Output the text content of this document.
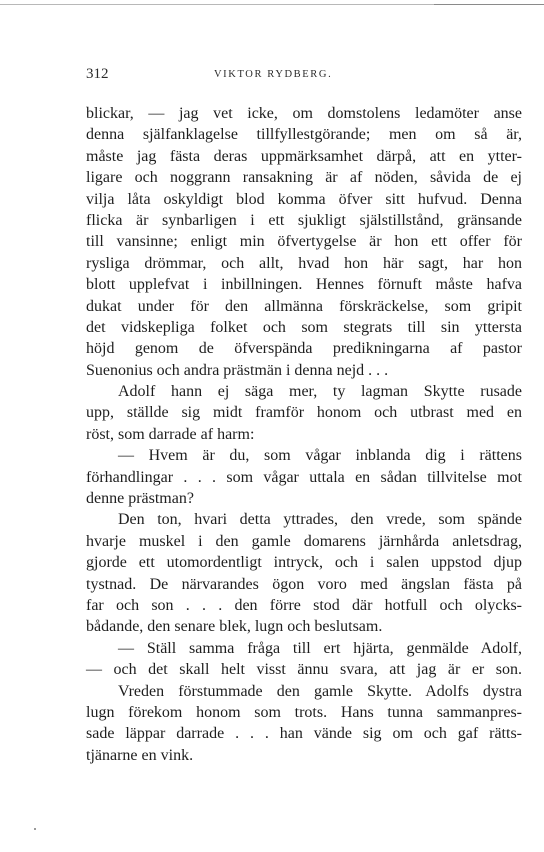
312	VIKTOR RYDBERG.
blickar, — jag vet icke, om domstolens ledamöter anse
denna själfanklagelse tillfyllestgörande; men om så är,
måste jag fästa deras uppmärksamhet därpå, att en ytter-
ligare och noggrann ransakning är af nöden, såvida de ej
vilja låta oskyldigt blod komma öfver sitt hufvud. Denna
flicka är synbarligen i ett sjukligt själstillstånd, gränsande
till vansinne; enligt min öfvertygelse är hon ett offer för
rysliga drömmar, och allt, hvad hon här sagt, har hon
blott upplefvat i inbillningen. Hennes förnuft måste hafva
dukat under för den allmänna förskräckelse, som gripit
det vidskepliga folket och som stegrats till sin yttersta
höjd genom de öfverspända predikningarna af pastor
Suenonius och andra prästmän i denna nejd . . .
Adolf hann ej säga mer, ty lagman Skytte rusade
upp, ställde sig midt framför honom och utbrast med en
röst, som darrade af harm:
— Hvem är du, som vågar inblanda dig i rättens
förhandlingar . . . som vågar uttala en sådan tillvitelse mot
denne prästman?
Den ton, hvari detta yttrades, den vrede, som spände
hvarje muskel i den gamle domarens järnhårda anletsdrag,
gjorde ett utomordentligt intryck, och i salen uppstod djup
tystnad. De närvarandes ögon voro med ängslan fästa på
far och son . . . den förre stod där hotfull och olycks-
bådande, den senare blek, lugn och beslutsam.
— Ställ samma fråga till ert hjärta, genmälde Adolf,
— och det skall helt visst ännu svara, att jag är er son.
Vreden förstummade den gamle Skytte. Adolfs dystra
lugn förekom honom som trots. Hans tunna sammanpres-
sade läppar darrade . . . han vände sig om och gaf rätts-
tjänarne en vink.
